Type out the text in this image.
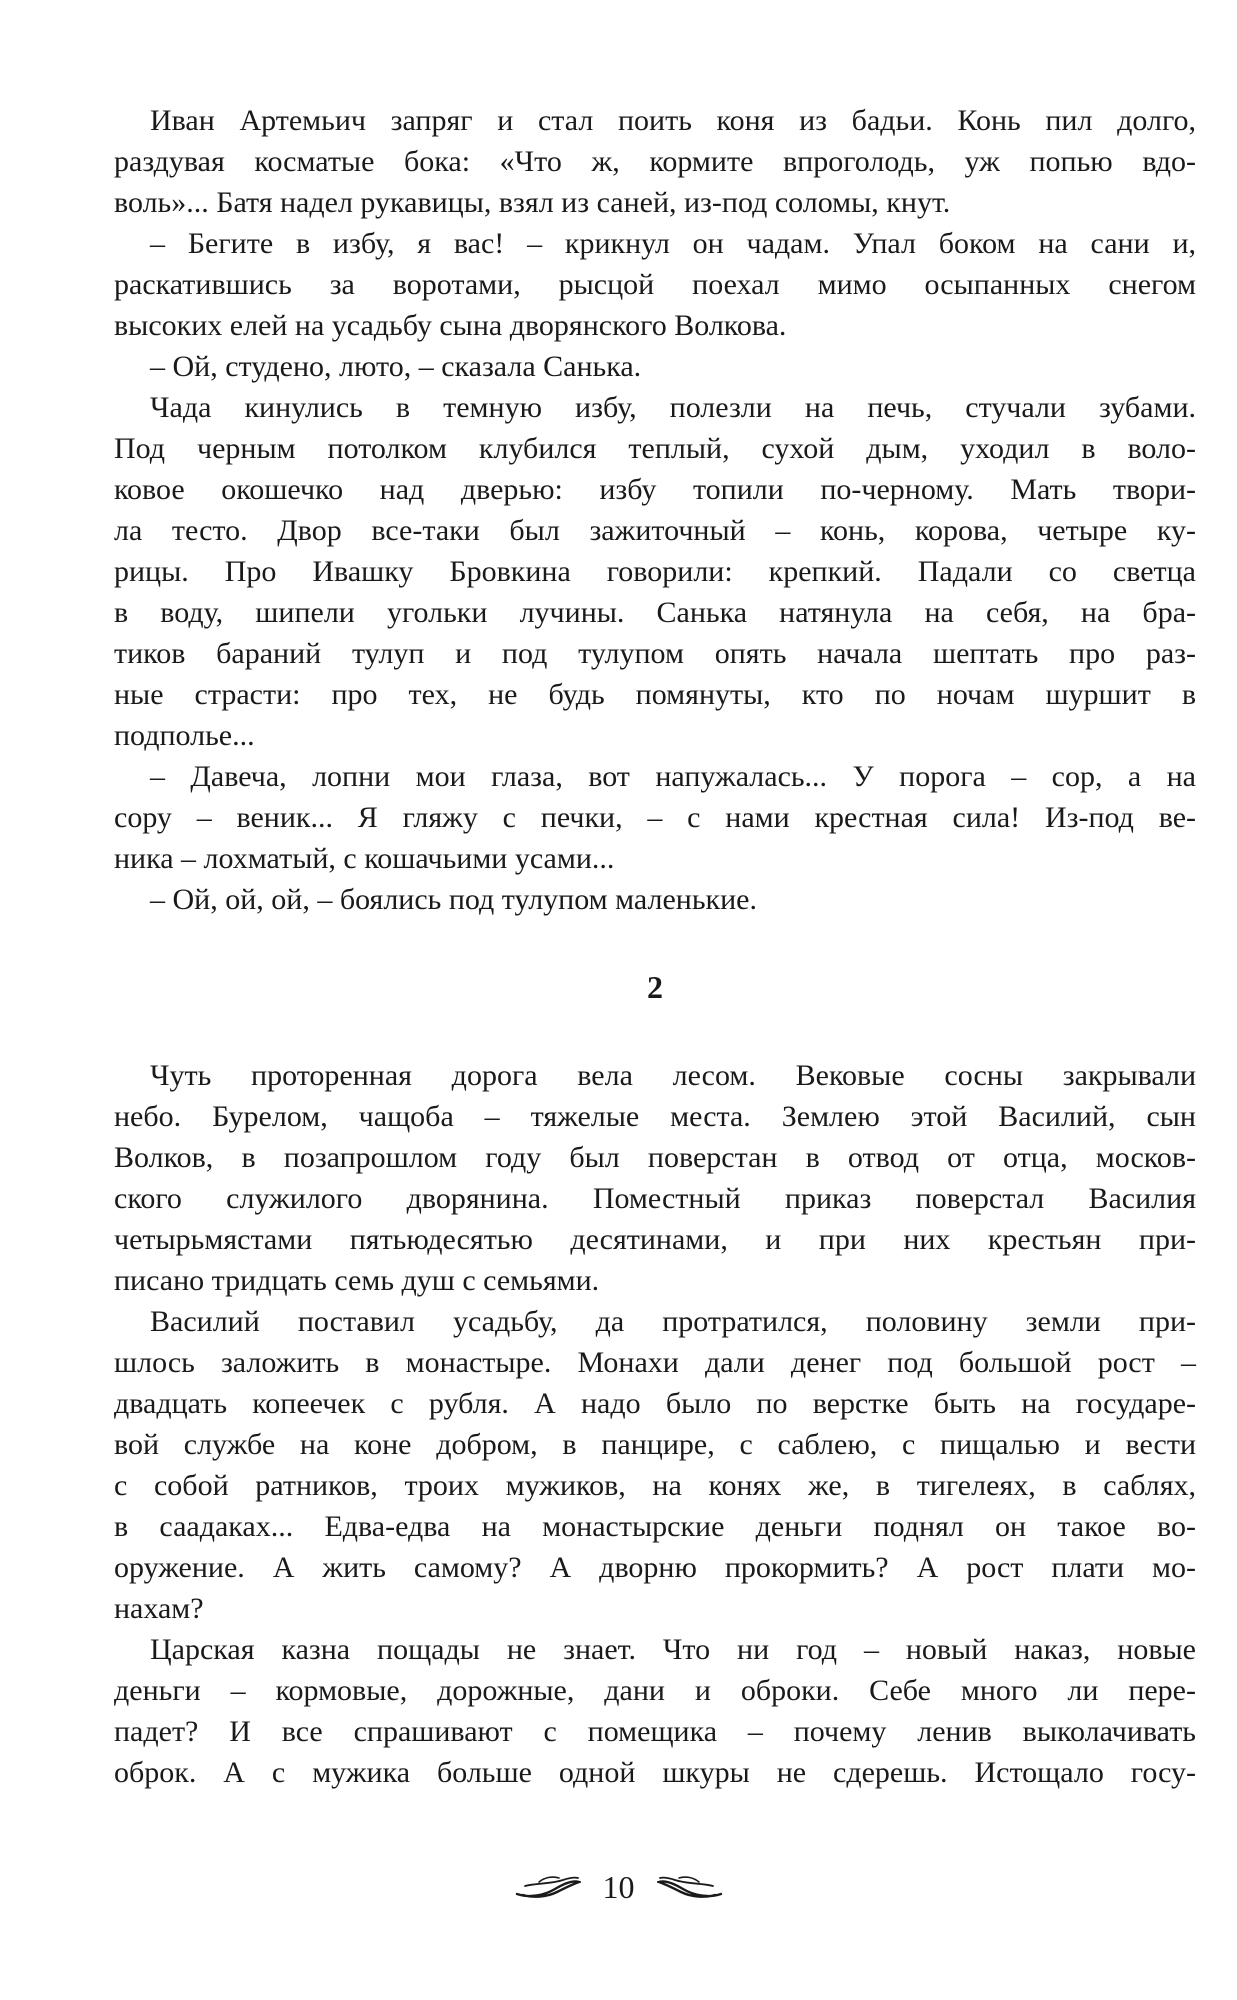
Иван Артемьич запряг и стал поить коня из бадьи. Конь пил долго,
раздувая косматые бока: «Что ж, кормите впроголодь, уж попью вдо-
воль»... Батя надел рукавицы, взял из саней, из-под соломы, кнут.
– Бегите в избу, я вас! – крикнул он чадам. Упал боком на сани и,
раскатившись за воротами, рысцой поехал мимо осыпанных снегом
высоких елей на усадьбу сына дворянского Волкова.
– Ой, студено, люто, – сказала Санька.
Чада кинулись в темную избу, полезли на печь, стучали зубами.
Под черным потолком клубился теплый, сухой дым, уходил в воло-
ковое окошечко над дверью: избу топили по-черному. Мать твори-
ла тесто. Двор все-таки был зажиточный – конь, корова, четыре ку-
рицы. Про Ивашку Бровкина говорили: крепкий. Падали со светца
в воду, шипели угольки лучины. Санька натянула на себя, на бра-
тиков бараний тулуп и под тулупом опять начала шептать про раз-
ные страсти: про тех, не будь помянуты, кто по ночам шуршит в
подполье...
– Давеча, лопни мои глаза, вот напужалась... У порога – сор, а на
сору – веник... Я гляжу с печки, – с нами крестная сила! Из-под ве-
ника – лохматый, с кошачьими усами...
– Ой, ой, ой, – боялись под тулупом маленькие.
2
Чуть проторенная дорога вела лесом. Вековые сосны закрывали
небо. Бурелом, чащоба – тяжелые места. Землею этой Василий, сын
Волков, в позапрошлом году был поверстан в отвод от отца, москов-
ского служилого дворянина. Поместный приказ поверстал Василия
четырьмястами пятьюдесятью десятинами, и при них крестьян при-
писано тридцать семь душ с семьями.
Василий поставил усадьбу, да протратился, половину земли при-
шлось заложить в монастыре. Монахи дали денег под большой рост –
двадцать копеечек с рубля. А надо было по верстке быть на государе-
вой службе на коне добром, в панцире, с саблею, с пищалью и вести
с собой ратников, троих мужиков, на конях же, в тигелеях, в саблях,
в саадаках... Едва-едва на монастырские деньги поднял он такое во-
оружение. А жить самому? А дворню прокормить? А рост плати мо-
нахам?
Царская казна пощады не знает. Что ни год – новый наказ, новые
деньги – кормовые, дорожные, дани и оброки. Себе много ли пере-
падет? И все спрашивают с помещика – почему ленив выколачивать
оброк. А с мужика больше одной шкуры не сдерешь. Истощало госу-
10
